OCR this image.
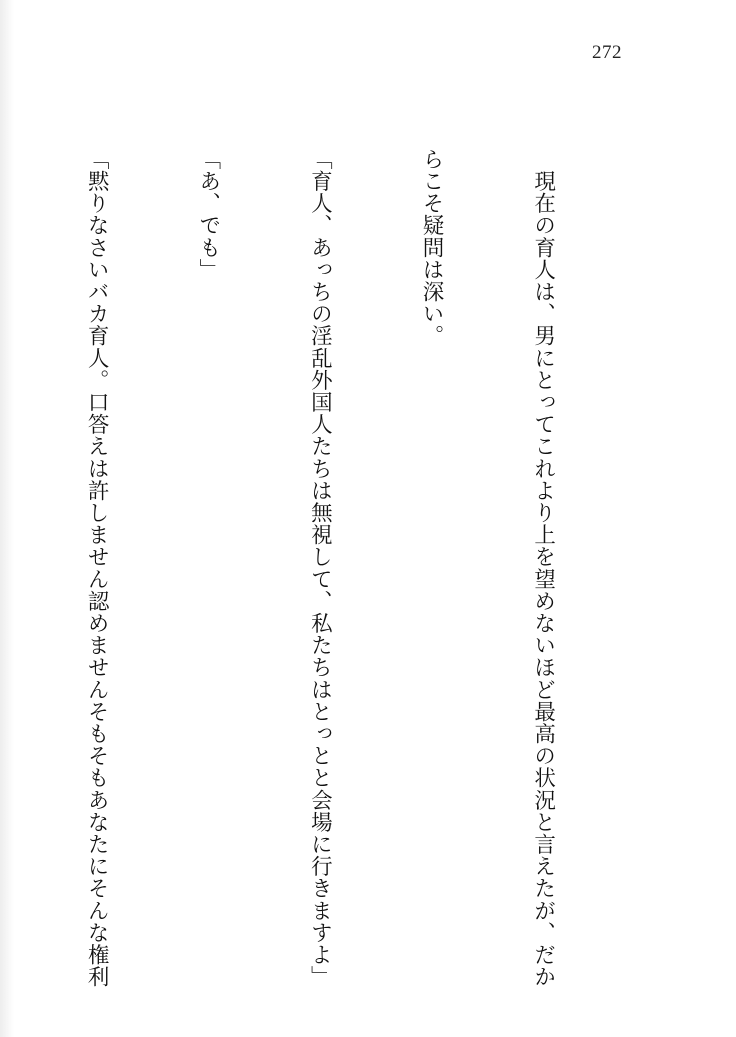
272

　現在の育人は、男にとってこれより上を望めないほど最高の状況と言えたが、だか

らこそ疑問は深い。

「育人、あっちの淫乱外国人たちは無視して、私たちはとっとと会場に行きますよ」

「あ、でも」

「黙りなさいバカ育人。口答えは許しません認めませんそもそもあなたにそんな権利
